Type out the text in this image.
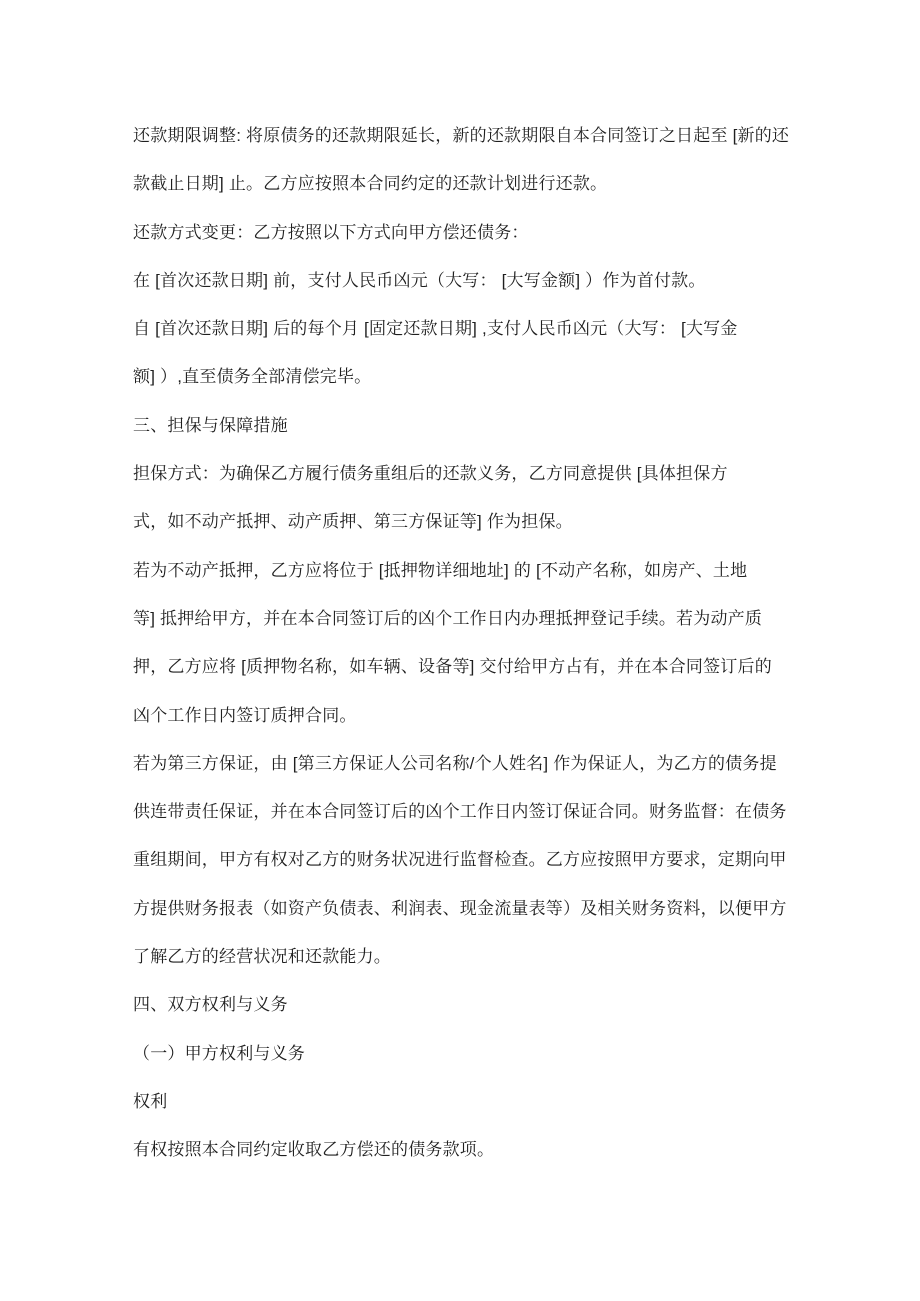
还款期限调整: 将原债务的还款期限延长，新的还款期限自本合同签订之日起至 [新的还

款截止日期] 止。乙方应按照本合同约定的还款计划进行还款。

还款方式变更：乙方按照以下方式向甲方偿还债务：

在 [首次还款日期] 前，支付人民币凶元（大写： [大写金额] ）作为首付款。

自 [首次还款日期] 后的每个月 [固定还款日期] ,支付人民币凶元（大写： [大写金

额] ）,直至债务全部清偿完毕。

三、担保与保障措施

担保方式：为确保乙方履行债务重组后的还款义务，乙方同意提供 [具体担保方

式，如不动产抵押、动产质押、第三方保证等] 作为担保。

若为不动产抵押，乙方应将位于 [抵押物详细地址] 的 [不动产名称，如房产、土地

等] 抵押给甲方，并在本合同签订后的凶个工作日内办理抵押登记手续。若为动产质

押，乙方应将 [质押物名称，如车辆、设备等] 交付给甲方占有，并在本合同签订后的

凶个工作日内签订质押合同。

若为第三方保证，由 [第三方保证人公司名称/个人姓名] 作为保证人，为乙方的债务提

供连带责任保证，并在本合同签订后的凶个工作日内签订保证合同。财务监督：在债务

重组期间，甲方有权对乙方的财务状况进行监督检查。乙方应按照甲方要求，定期向甲

方提供财务报表（如资产负债表、利润表、现金流量表等）及相关财务资料，以便甲方

了解乙方的经营状况和还款能力。

四、双方权利与义务

（一）甲方权利与义务

权利

有权按照本合同约定收取乙方偿还的债务款项。
